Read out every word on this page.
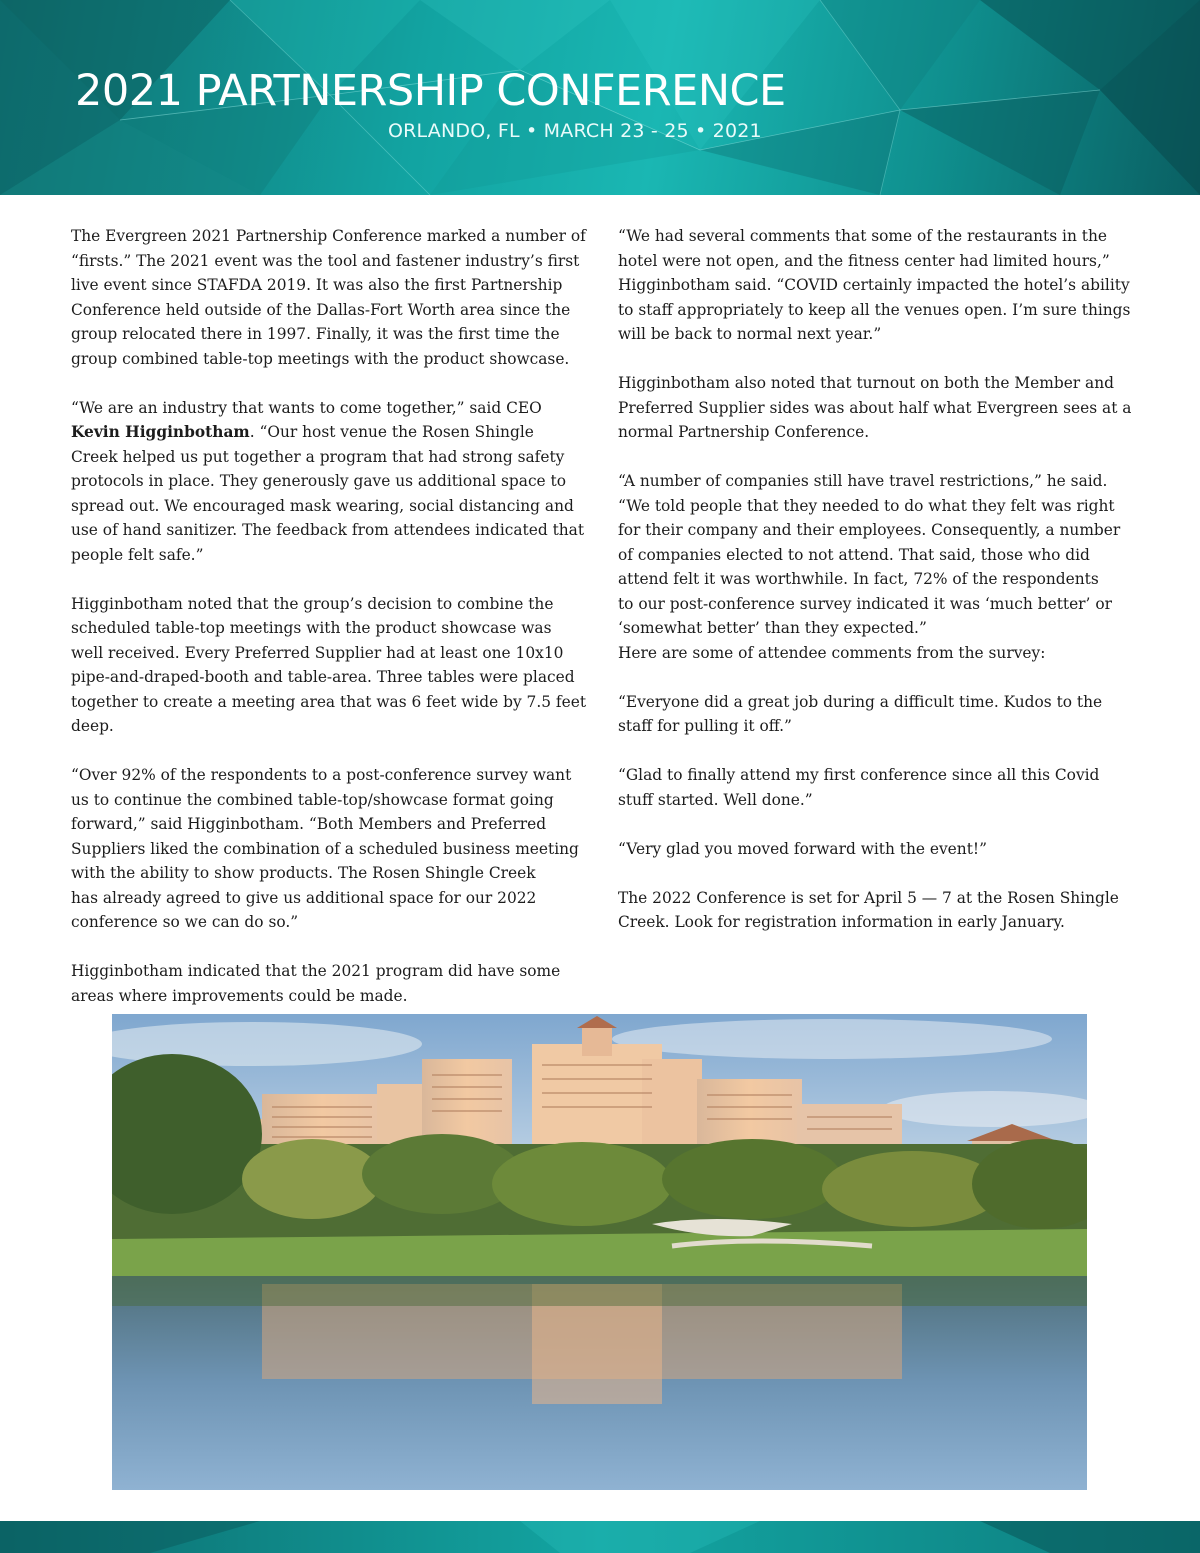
2021 PARTNERSHIP CONFERENCE
ORLANDO, FL • MARCH 23 - 25 • 2021

The Evergreen 2021 Partnership Conference marked a number of
“firsts.” The 2021 event was the tool and fastener industry’s first
live event since STAFDA 2019. It was also the first Partnership
Conference held outside of the Dallas-Fort Worth area since the
group relocated there in 1997. Finally, it was the first time the
group combined table-top meetings with the product showcase.

“We are an industry that wants to come together,” said CEO
Kevin Higginbotham. “Our host venue the Rosen Shingle
Creek helped us put together a program that had strong safety
protocols in place. They generously gave us additional space to
spread out. We encouraged mask wearing, social distancing and
use of hand sanitizer. The feedback from attendees indicated that
people felt safe.”

Higginbotham noted that the group’s decision to combine the
scheduled table-top meetings with the product showcase was
well received. Every Preferred Supplier had at least one 10x10
pipe-and-draped-booth and table-area. Three tables were placed
together to create a meeting area that was 6 feet wide by 7.5 feet
deep.

“Over 92% of the respondents to a post-conference survey want
us to continue the combined table-top/showcase format going
forward,” said Higginbotham. “Both Members and Preferred
Suppliers liked the combination of a scheduled business meeting
with the ability to show products. The Rosen Shingle Creek
has already agreed to give us additional space for our 2022
conference so we can do so.”

Higginbotham indicated that the 2021 program did have some
areas where improvements could be made.

“We had several comments that some of the restaurants in the
hotel were not open, and the fitness center had limited hours,”
Higginbotham said. “COVID certainly impacted the hotel’s ability
to staff appropriately to keep all the venues open. I’m sure things
will be back to normal next year.”

Higginbotham also noted that turnout on both the Member and
Preferred Supplier sides was about half what Evergreen sees at a
normal Partnership Conference.

“A number of companies still have travel restrictions,” he said.
“We told people that they needed to do what they felt was right
for their company and their employees. Consequently, a number
of companies elected to not attend. That said, those who did
attend felt it was worthwhile. In fact, 72% of the respondents
to our post-conference survey indicated it was ‘much better’ or
‘somewhat better’ than they expected.”

Here are some of attendee comments from the survey:

“Everyone did a great job during a difficult time. Kudos to the
staff for pulling it off.”

“Glad to finally attend my first conference since all this Covid
stuff started. Well done.”

“Very glad you moved forward with the event!”

The 2022 Conference is set for April 5 — 7 at the Rosen Shingle
Creek. Look for registration information in early January.
